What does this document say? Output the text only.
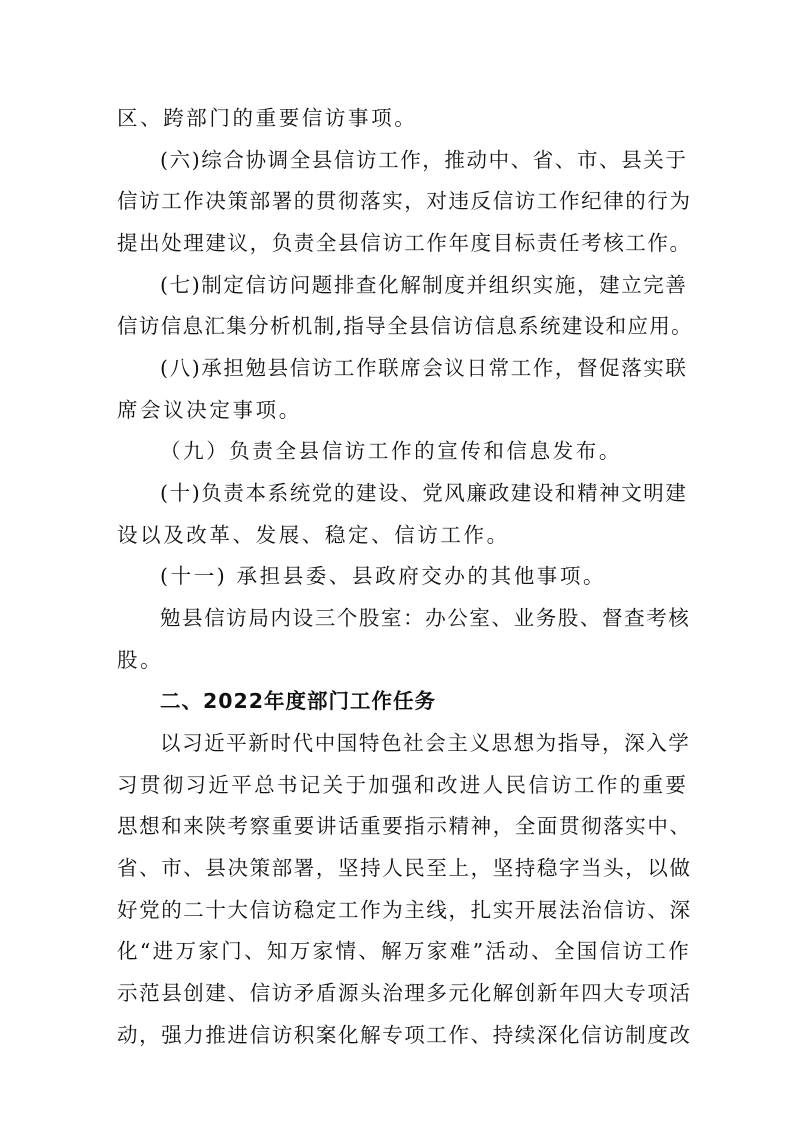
区、跨部门的重要信访事项。
(六)综合协调全县信访工作，推动中、省、市、县关于
信访工作决策部署的贯彻落实，对违反信访工作纪律的行为
提出处理建议，负责全县信访工作年度目标责任考核工作。
(七)制定信访问题排查化解制度并组织实施，建立完善
信访信息汇集分析机制,指导全县信访信息系统建设和应用。
(八)承担勉县信访工作联席会议日常工作，督促落实联
席会议决定事项。
（九）负责全县信访工作的宣传和信息发布。
(十)负责本系统党的建设、党风廉政建设和精神文明建
设以及改革、发展、稳定、信访工作。
(十一) 承担县委、县政府交办的其他事项。
勉县信访局内设三个股室：办公室、业务股、督查考核
股。
二、2022年度部门工作任务
以习近平新时代中国特色社会主义思想为指导，深入学
习贯彻习近平总书记关于加强和改进人民信访工作的重要
思想和来陕考察重要讲话重要指示精神，全面贯彻落实中、
省、市、县决策部署，坚持人民至上，坚持稳字当头，以做
好党的二十大信访稳定工作为主线，扎实开展法治信访、深
化“进万家门、知万家情、解万家难”活动、全国信访工作
示范县创建、信访矛盾源头治理多元化解创新年四大专项活
动，强力推进信访积案化解专项工作、持续深化信访制度改
